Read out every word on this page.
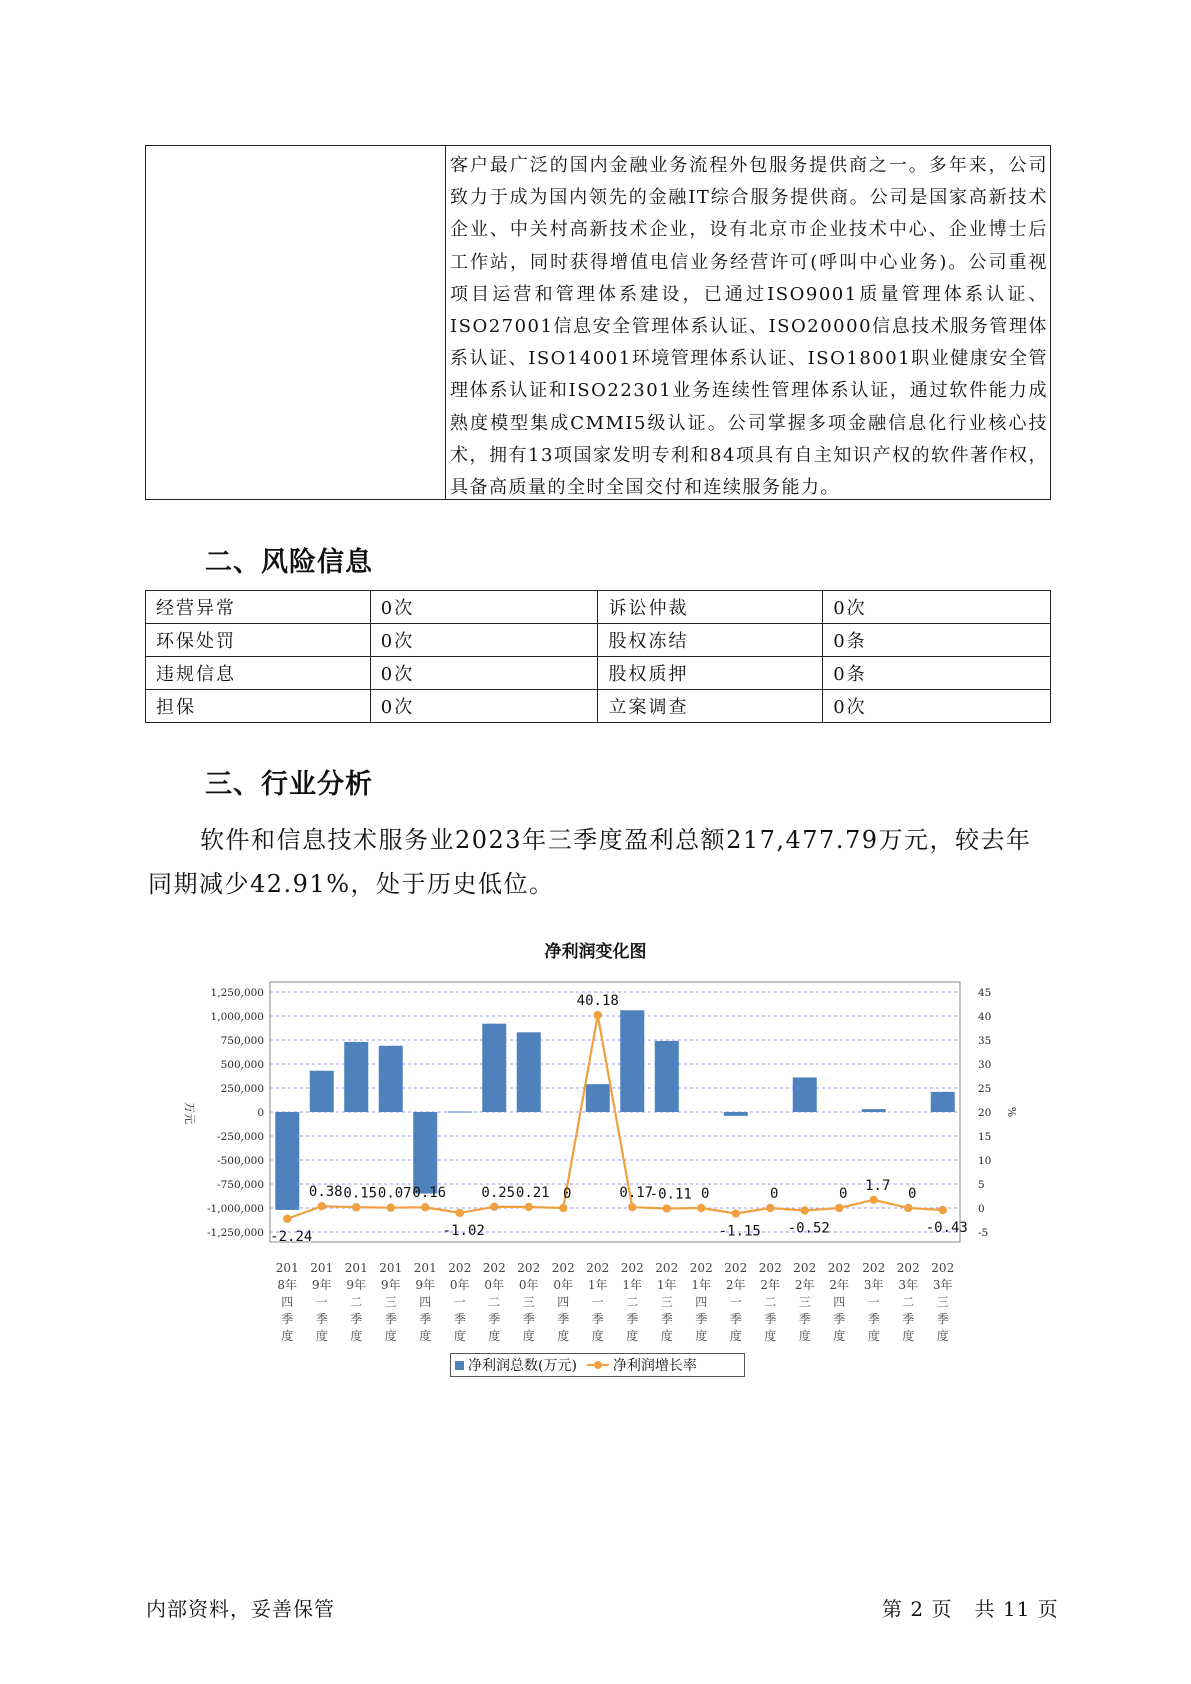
客户最广泛的国内金融业务流程外包服务提供商之一。多年来，公司致力于成为国内领先的金融IT综合服务提供商。公司是国家高新技术企业、中关村高新技术企业，设有北京市企业技术中心、企业博士后工作站，同时获得增值电信业务经营许可(呼叫中心业务)。公司重视项目运营和管理体系建设，已通过ISO9001质量管理体系认证、ISO27001信息安全管理体系认证、ISO20000信息技术服务管理体系认证、ISO14001环境管理体系认证、ISO18001职业健康安全管理体系认证和ISO22301业务连续性管理体系认证，通过软件能力成熟度模型集成CMMI5级认证。公司掌握多项金融信息化行业核心技术，拥有13项国家发明专利和84项具有自主知识产权的软件著作权，具备高质量的全时全国交付和连续服务能力。
二、风险信息
经营异常	0次	诉讼仲裁	0次
环保处罚	0次	股权冻结	0条
违规信息	0次	股权质押	0条
担保	0次	立案调查	0次
三、行业分析
软件和信息技术服务业2023年三季度盈利总额217,477.79万元，较去年同期减少42.91%，处于历史低位。
净利润变化图
1,250,000
1,000,000
750,000
500,000
250,000
0
-250,000
-500,000
-750,000
-1,000,000
-1,250,000
45
40
35
30
25
20
15
10
5
0
-5
万元	%
-2.24
0.38 0.15 0.07 0.16
-1.02
0.25 0.21 0
40.18
0.17
-0.11 0
-1.15
0
-0.52
0
1.7
0
-0.43
201
8年
四
季
度
201
9年
一
季
度
201
9年
二
季
度
201
9年
三
季
度
201
9年
四
季
度
202
0年
一
季
度
202
0年
二
季
度
202
0年
三
季
度
202
0年
四
季
度
202
1年
一
季
度
202
1年
二
季
度
202
1年
三
季
度
202
1年
四
季
度
202
2年
一
季
度
202
2年
二
季
度
202
2年
三
季
度
202
2年
四
季
度
202
3年
一
季
度
202
3年
二
季
度
202
3年
三
季
度
净利润总数(万元)	净利润增长率
内部资料，妥善保管	第 2 页   共 11 页
